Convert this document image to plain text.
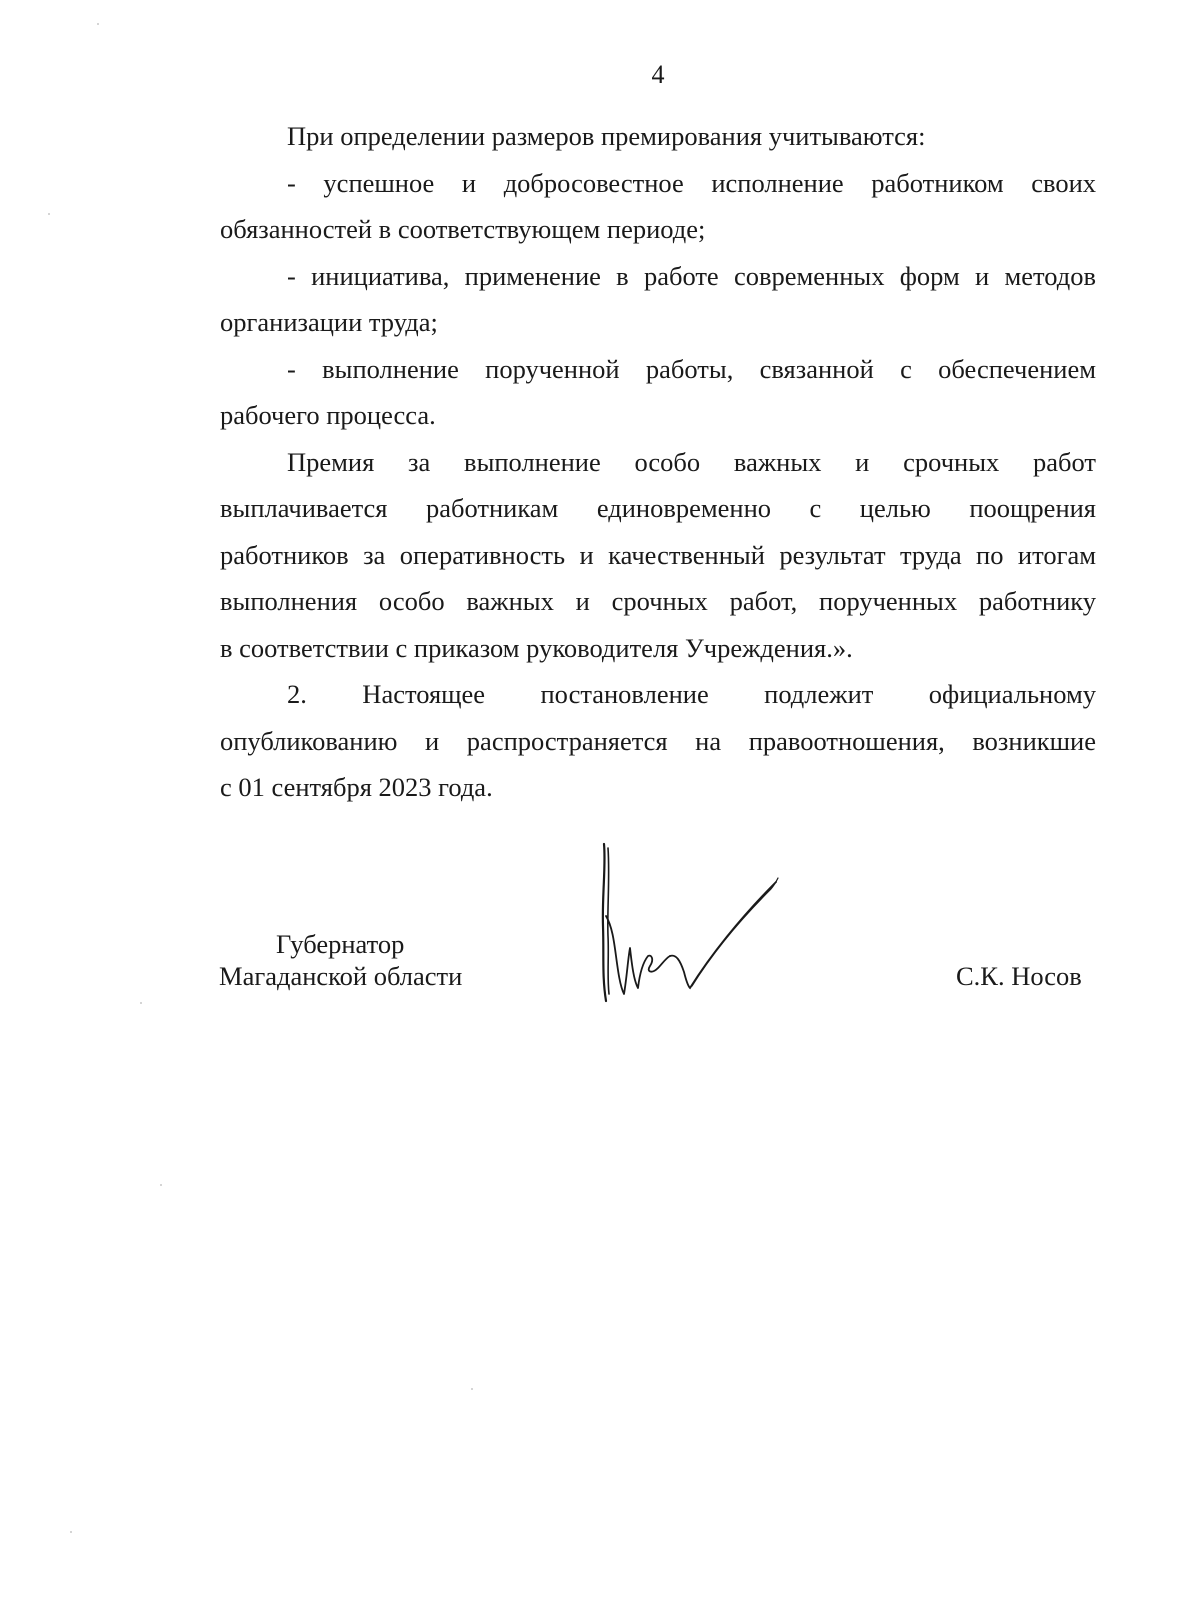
4
При определении размеров премирования учитываются:
- успешное и добросовестное исполнение работником своих
обязанностей в соответствующем периоде;
- инициатива, применение в работе современных форм и методов
организации труда;
- выполнение порученной работы, связанной с обеспечением
рабочего процесса.
Премия за выполнение особо важных и срочных работ
выплачивается работникам единовременно с целью поощрения
работников за оперативность и качественный результат труда по итогам
выполнения особо важных и срочных работ, порученных работнику
в соответствии с приказом руководителя Учреждения.».
2. Настоящее постановление подлежит официальному
опубликованию и распространяется на правоотношения, возникшие
с 01 сентября 2023 года.
Губернатор
Магаданской области	С.К. Носов
